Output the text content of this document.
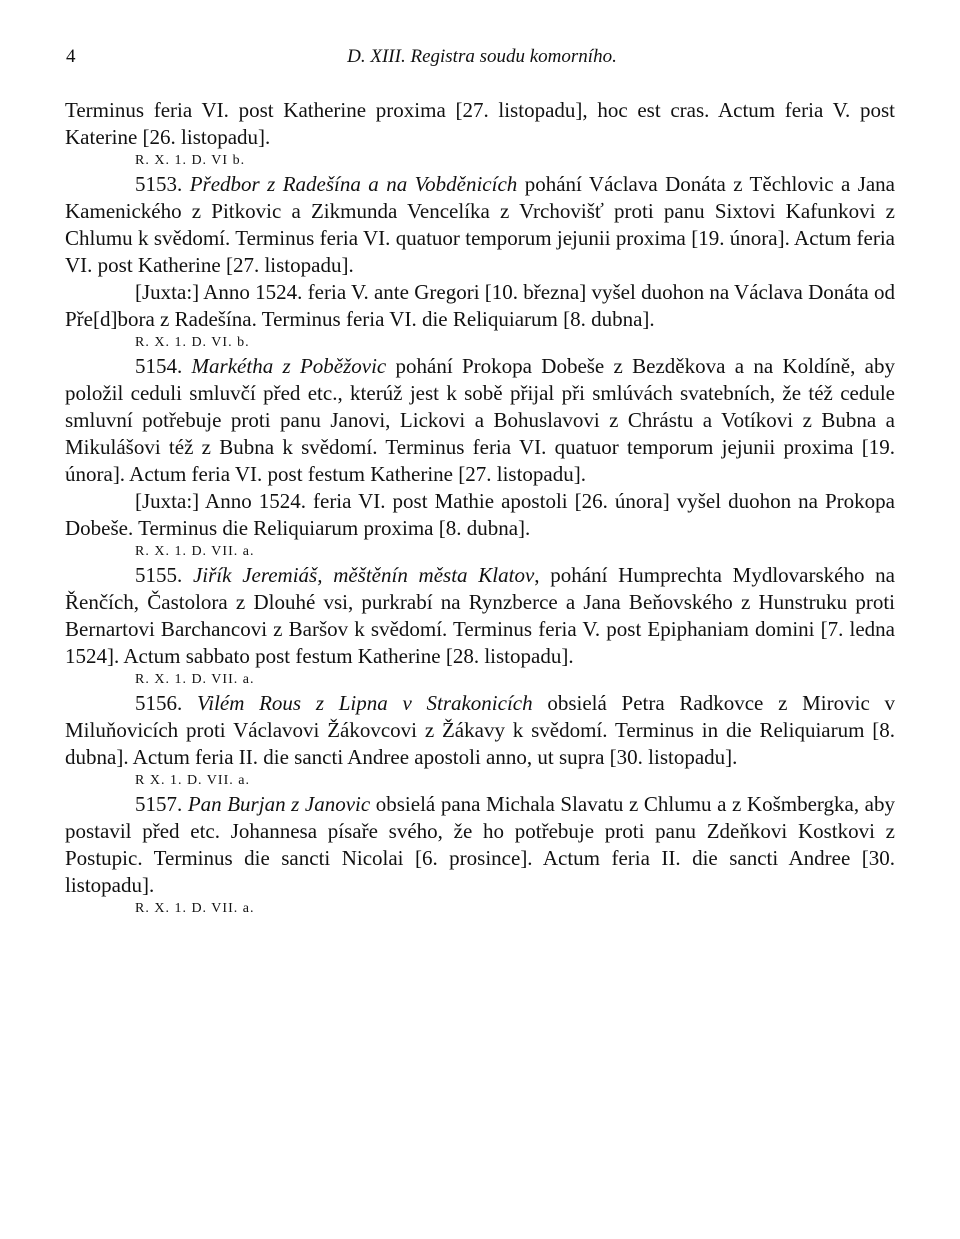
4	D. XIII. Registra soudu komorního.

Terminus feria VI. post Katherine proxima [27. listopadu], hoc est cras. Actum feria V. post Katerine [26. listopadu].

R. X. 1. D. VI b.

5153. Předbor z Radešína a na Vobděnicích pohání Václava Donáta z Těchlovic a Jana Kamenického z Pitkovic a Zikmunda Vencelíka z Vrchovišť proti panu Sixtovi Kafunkovi z Chlumu k svědomí. Terminus feria VI. quatuor temporum jejunii proxima [19. února]. Actum feria VI. post Katherine [27. listopadu].

[Juxta:] Anno 1524. feria V. ante Gregori [10. března] vyšel duohon na Václava Donáta od Pře[d]bora z Radešína. Terminus feria VI. die Reliquiarum [8. dubna].

R. X. 1. D. VI. b.

5154. Markétha z Poběžovic pohání Prokopa Dobeše z Bezděkova a na Koldíně, aby položil ceduli smluvčí před etc., kterúž jest k sobě přijal při smlúvách svatebních, že též cedule smluvní potřebuje proti panu Janovi, Lickovi a Bohuslavovi z Chrástu a Votíkovi z Bubna a Mikulášovi též z Bubna k svědomí. Terminus feria VI. quatuor temporum jejunii proxima [19. února]. Actum feria VI. post festum Katherine [27. listopadu].

[Juxta:] Anno 1524. feria VI. post Mathie apostoli [26. února] vyšel duohon na Prokopa Dobeše. Terminus die Reliquiarum proxima [8. dubna].

R. X. 1. D. VII. a.

5155. Jiřík Jeremiáš, měštěnín města Klatov, pohání Humprechta Mydlovarského na Řenčích, Častolora z Dlouhé vsi, purkrabí na Rynzberce a Jana Beňovského z Hunstruku proti Bernartovi Barchancovi z Baršov k svědomí. Terminus feria V. post Epiphaniam domini [7. ledna 1524]. Actum sabbato post festum Katherine [28. listopadu].

R. X. 1. D. VII. a.

5156. Vilém Rous z Lipna v Strakonicích obsielá Petra Radkovce z Mirovic v Miluňovicích proti Václavovi Žákovcovi z Žákavy k svědomí. Terminus in die Reliquiarum [8. dubna]. Actum feria II. die sancti Andree apostoli anno, ut supra [30. listopadu].

R X. 1. D. VII. a.

5157. Pan Burjan z Janovic obsielá pana Michala Slavatu z Chlumu a z Košmbergka, aby postavil před etc. Johannesa písaře svého, že ho potřebuje proti panu Zdeňkovi Kostkovi z Postupic. Terminus die sancti Nicolai [6. prosince]. Actum feria II. die sancti Andree [30. listopadu].

R. X. 1. D. VII. a.
